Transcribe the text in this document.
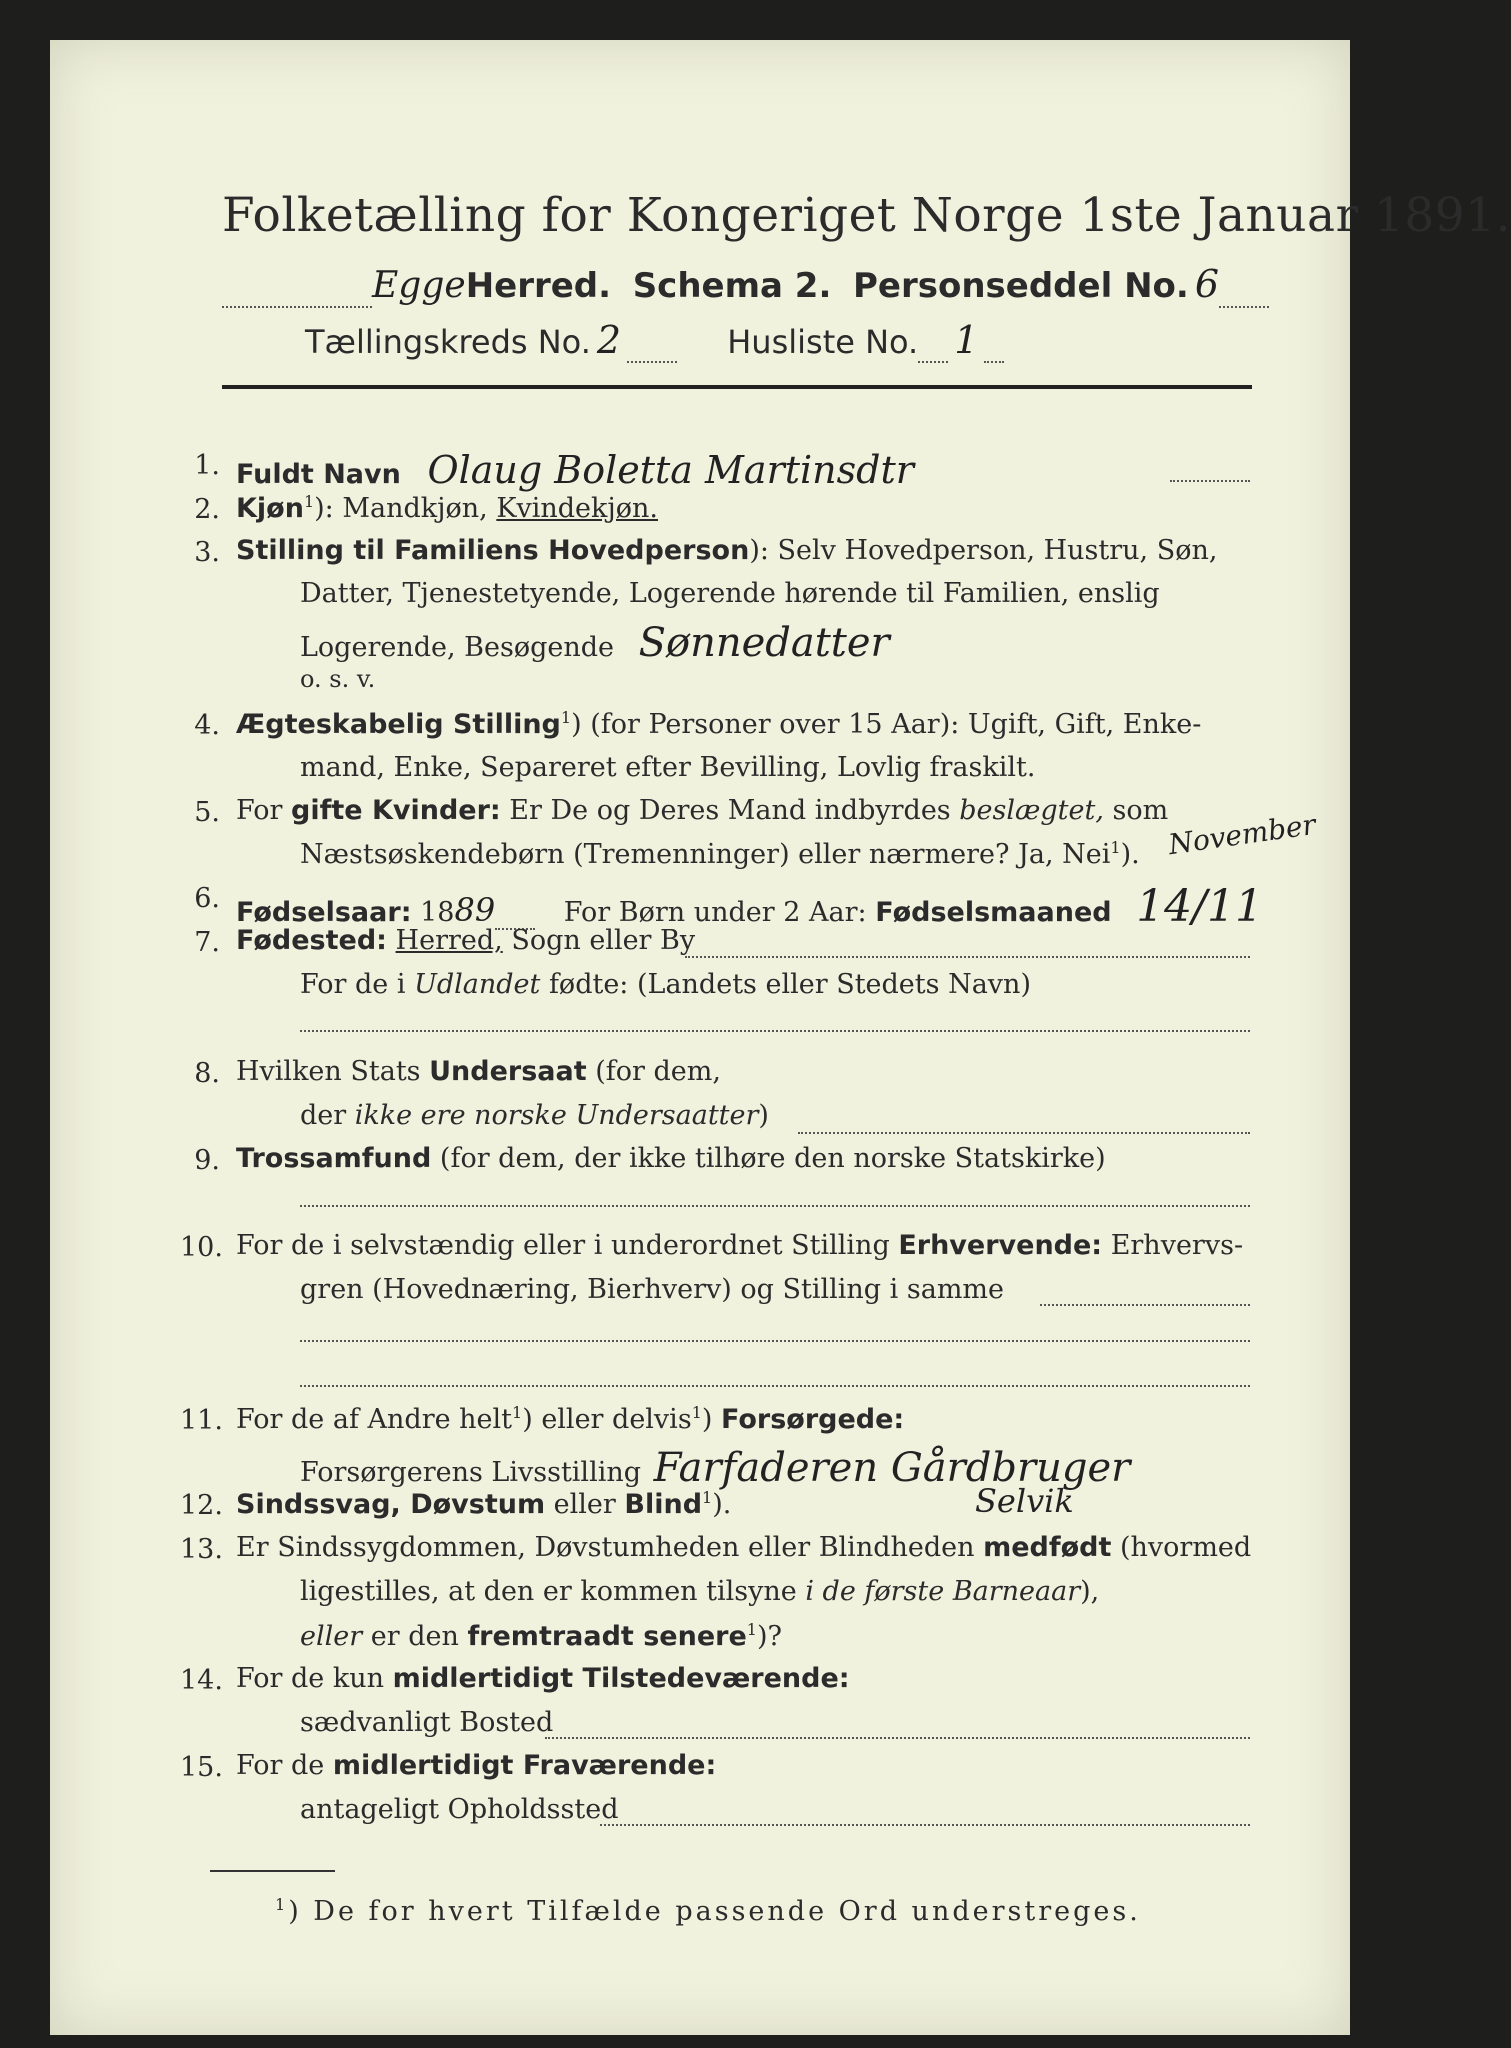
Folketælling for Kongeriget Norge 1ste Januar 1891.
EggeHerred. Schema 2. Personseddel No. 6
Tællingskreds No. 2	Husliste No. 1
1. Fuldt Navn Olaug Boletta Martinsdtr
2. Kjøn$^1$): Mandkjøn, Kvindekjøn.
3. Stilling til Familiens Hovedperson): Selv Hovedperson, Hustru, Søn,
Datter, Tjenestetyende, Logerende hørende til Familien, enslig
Logerende, Besøgende Sønnedatter
o. s. v.
4. Ægteskabelig Stilling$^1$) (for Personer over 15 Aar): Ugift, Gift, Enke-
mand, Enke, Separeret efter Bevilling, Lovlig fraskilt.
5. For gifte Kvinder: Er De og Deres Mand indbyrdes beslægtet, som
Næstsøskendebørn (Tremenninger) eller nærmere? Ja, Nei$^1$). November
6. Fødselsaar: 1889	For Børn under 2 Aar: Fødselsmaaned 14/11
7. Fødested: Herred, Sogn eller By
For de i Udlandet fødte: (Landets eller Stedets Navn)
8. Hvilken Stats Undersaat (for dem,
der ikke ere norske Undersaatter)
9. Trossamfund (for dem, der ikke tilhøre den norske Statskirke)
10. For de i selvstændig eller i underordnet Stilling Erhvervende: Erhvervs-
gren (Hovednæring, Bierhverv) og Stilling i samme
11. For de af Andre helt$^1$) eller delvis$^1$) Forsørgede:
Forsørgerens Livsstilling Farfaderen Gårdbruger
Selvik
12. Sindssvag, Døvstum eller Blind$^1$).
13. Er Sindssygdommen, Døvstumheden eller Blindheden medfødt (hvormed
ligestilles, at den er kommen tilsyne i de første Barneaar),
eller er den fremtraadt senere$^1$)?
14. For de kun midlertidigt Tilstedeværende:
sædvanligt Bosted
15. For de midlertidigt Fraværende:
antageligt Opholdssted
$^1$) De for hvert Tilfælde passende Ord understreges.
